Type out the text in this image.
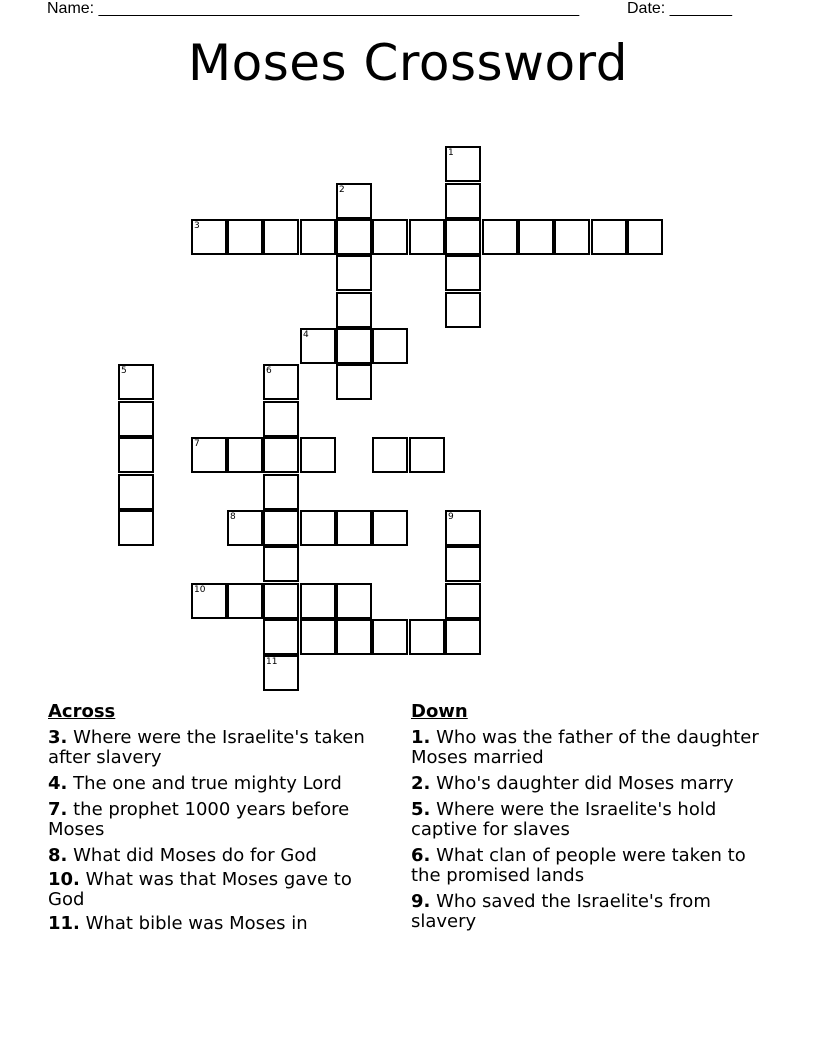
Name: ______________________________________________________	Date: _______
Moses Crossword
1
2
3
4
5	6
11
7
8	9
10
Across
3. Where were the Israelite's taken after slavery
4. The one and true mighty Lord
7. the prophet 1000 years before Moses
8. What did Moses do for God
10. What was that Moses gave to God
11. What bible was Moses in
Down
1. Who was the father of the daughter Moses married
2. Who's daughter did Moses marry
5. Where were the Israelite's hold captive for slaves
6. What clan of people were taken to the promised lands
9. Who saved the Israelite's from slavery
